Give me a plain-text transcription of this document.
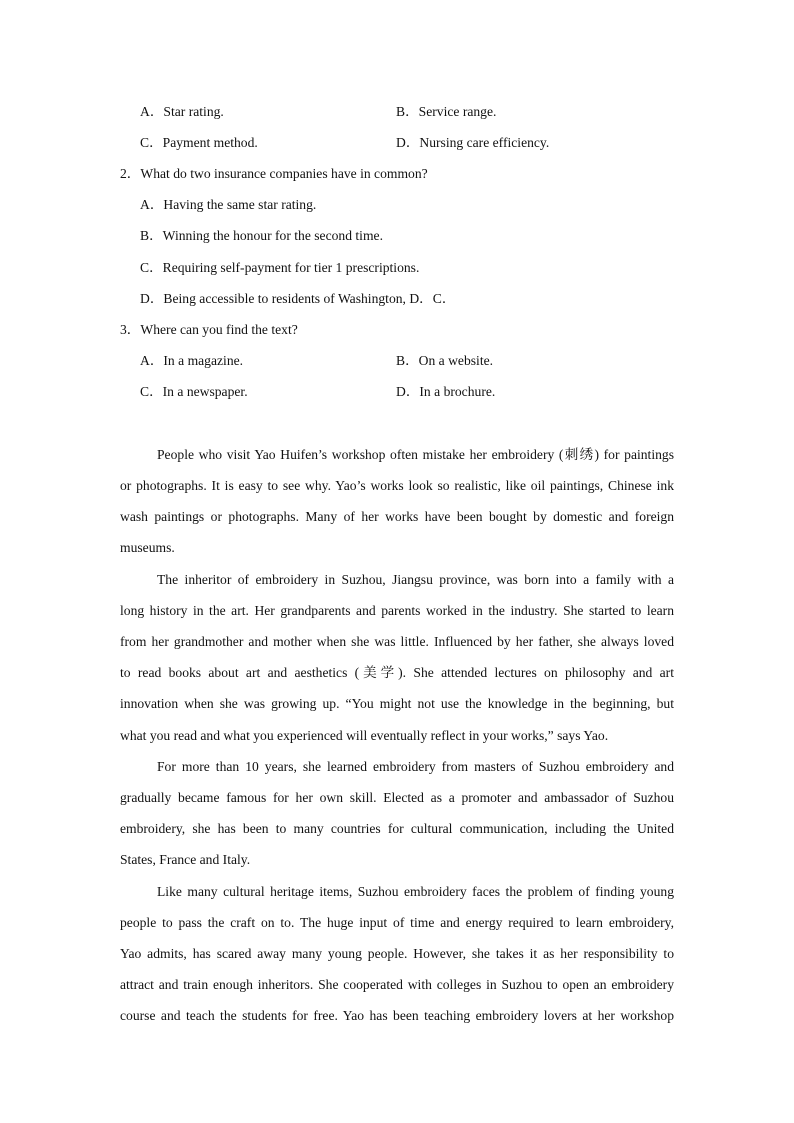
A．Star rating.	B．Service range.
C．Payment method.	D．Nursing care efficiency.
2．What do two insurance companies have in common?
A．Having the same star rating.
B．Winning the honour for the second time.
C．Requiring self-payment for tier 1 prescriptions.
D．Being accessible to residents of Washington, D．C．
3．Where can you find the text?
A．In a magazine.	B．On a website.
C．In a newspaper.	D．In a brochure.
People who visit Yao Huifen’s workshop often mistake her embroidery (刺绣) for paintings
or photographs. It is easy to see why. Yao’s works look so realistic, like oil paintings, Chinese ink
wash paintings or photographs. Many of her works have been bought by domestic and foreign
museums.
The inheritor of embroidery in Suzhou, Jiangsu province, was born into a family with a
long history in the art. Her grandparents and parents worked in the industry. She started to learn
from her grandmother and mother when she was little. Influenced by her father, she always loved
to read books about art and aesthetics (美学). She attended lectures on philosophy and art
innovation when she was growing up. “You might not use the knowledge in the beginning, but
what you read and what you experienced will eventually reflect in your works,” says Yao.
For more than 10 years, she learned embroidery from masters of Suzhou embroidery and
gradually became famous for her own skill. Elected as a promoter and ambassador of Suzhou
embroidery, she has been to many countries for cultural communication, including the United
States, France and Italy.
Like many cultural heritage items, Suzhou embroidery faces the problem of finding young
people to pass the craft on to. The huge input of time and energy required to learn embroidery,
Yao admits, has scared away many young people. However, she takes it as her responsibility to
attract and train enough inheritors. She cooperated with colleges in Suzhou to open an embroidery
course and teach the students for free. Yao has been teaching embroidery lovers at her workshop
